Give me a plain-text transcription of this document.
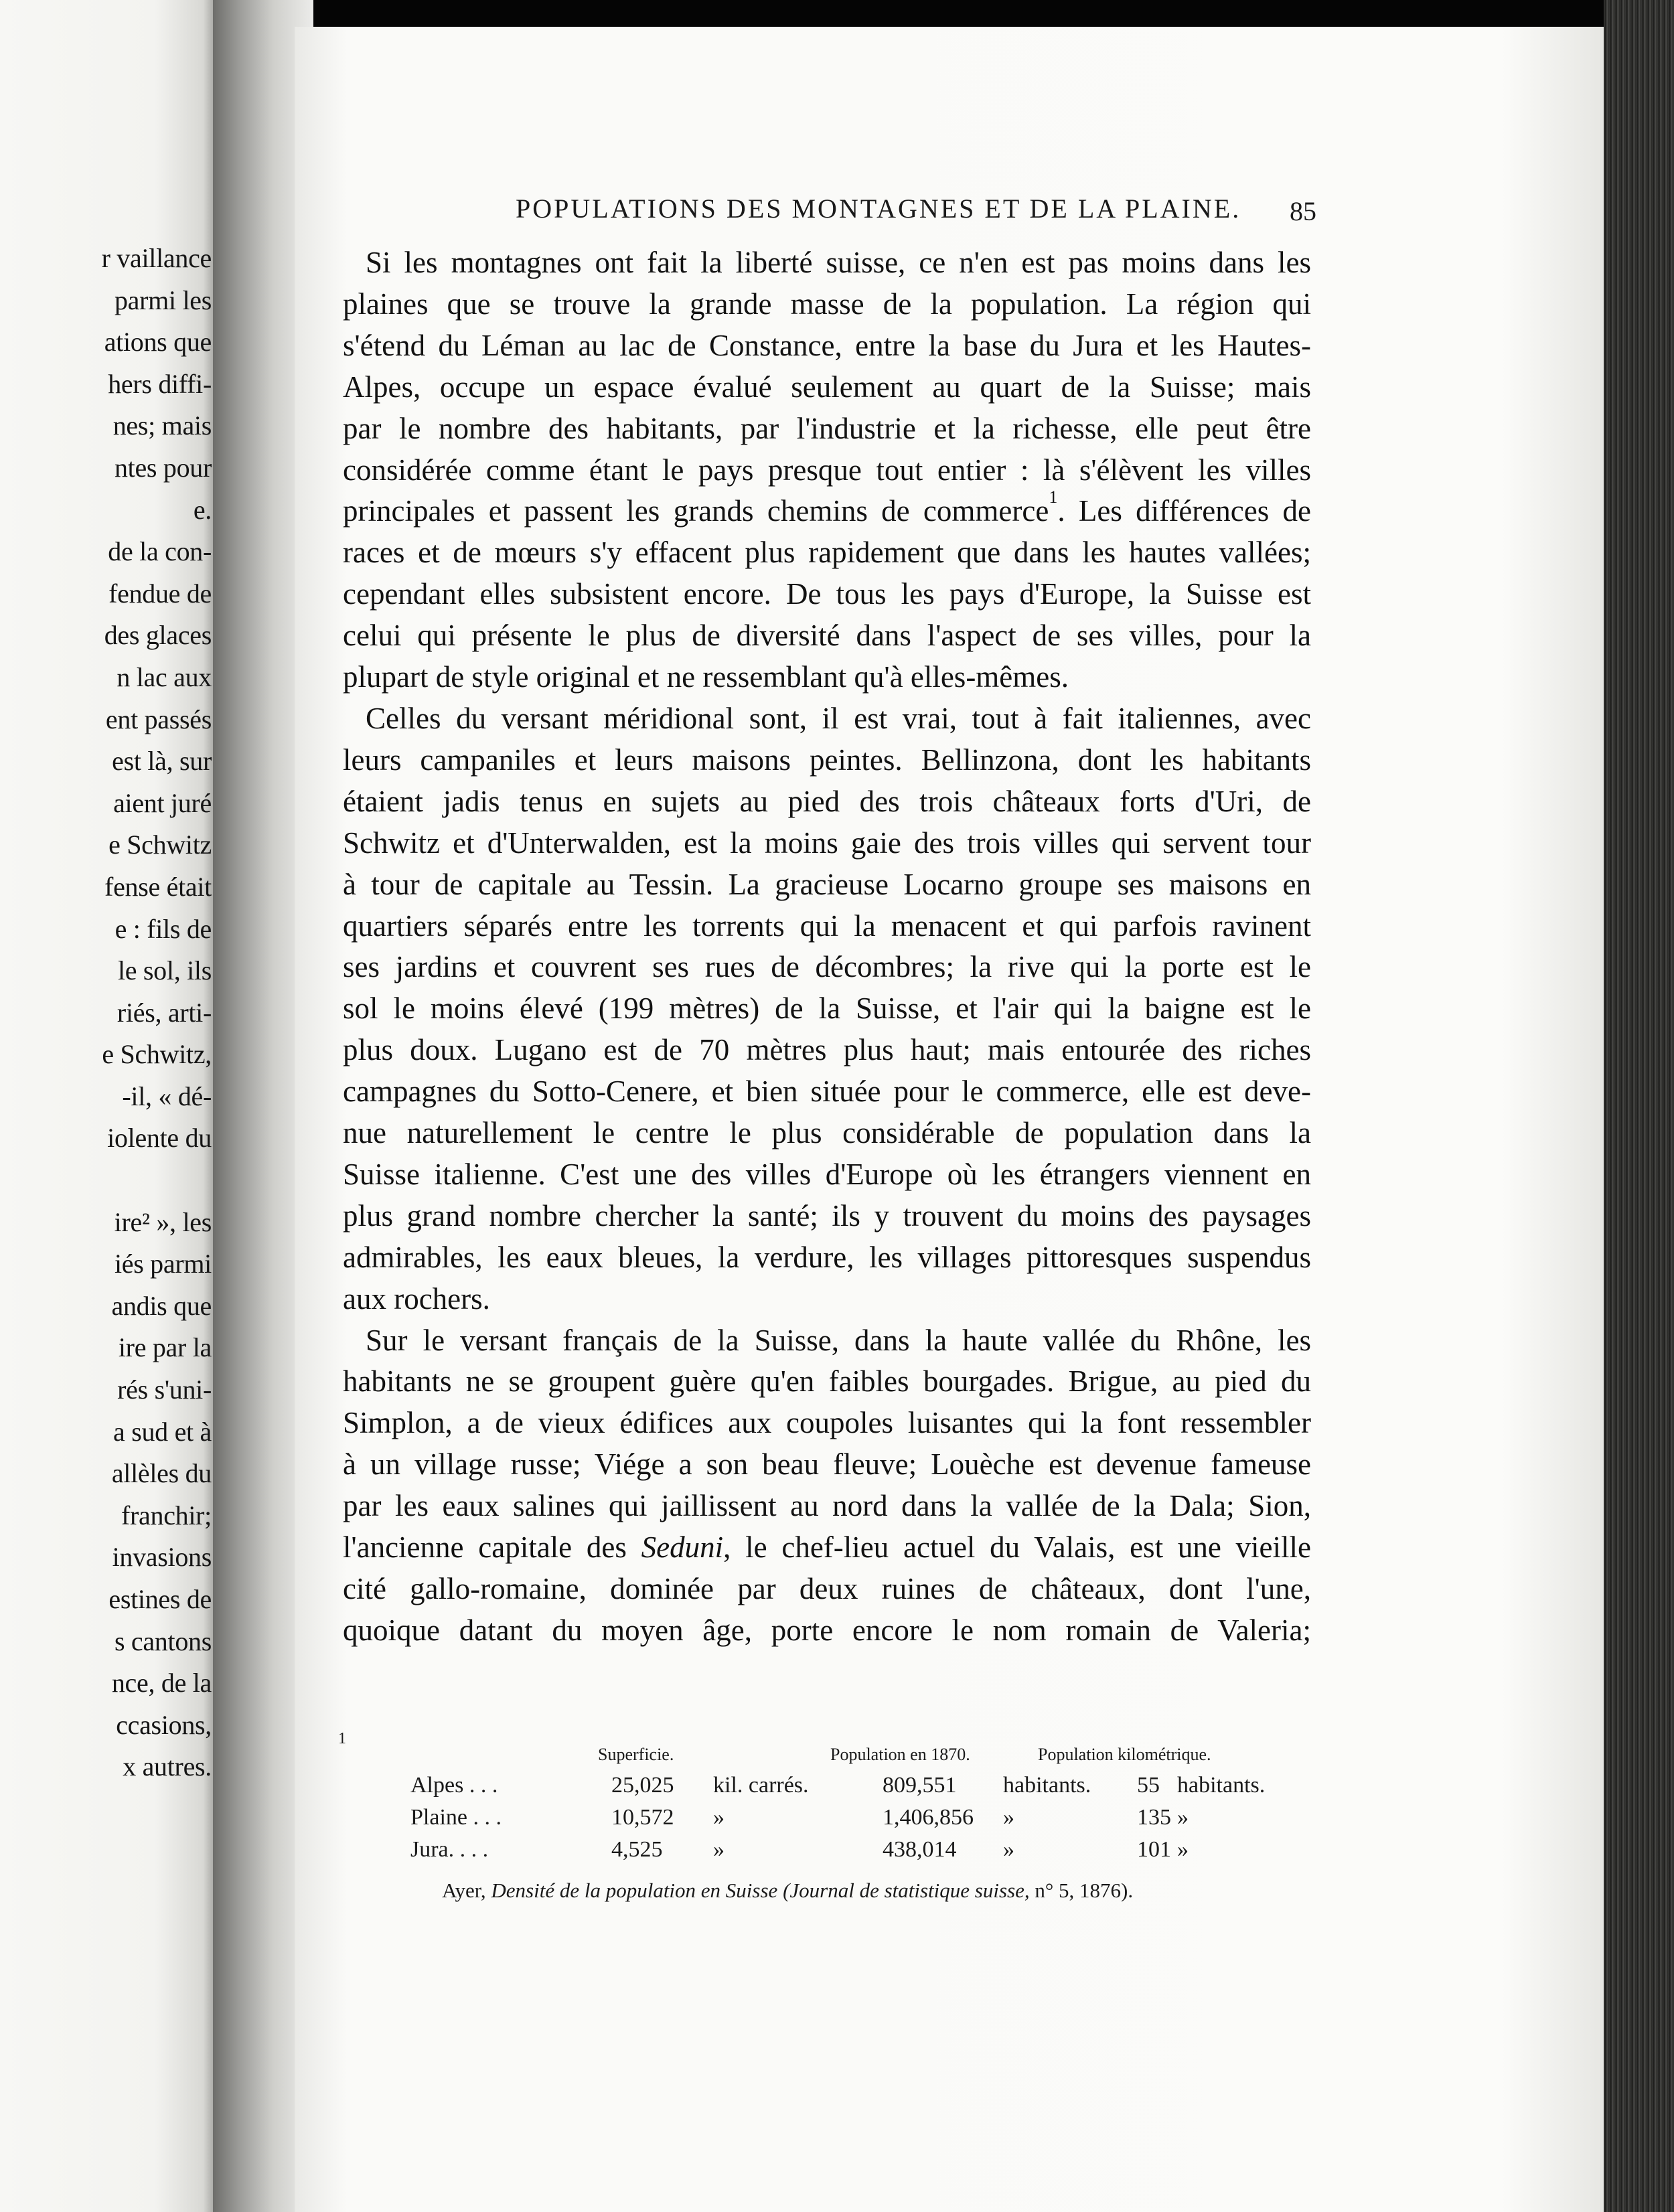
r vaillance
parmi les
ations que
hers diffi-
nes; mais
ntes pour
e.
de la con-
fendue de
des glaces
n lac aux
ent passés
est là, sur
aient juré
e Schwitz
fense était
e : fils de
le sol, ils
riés, arti-
e Schwitz,
-il, « dé-
iolente du

ire² », les
iés parmi
andis que
ire par la
rés s'uni-
a sud et à
allèles du
franchir;
invasions
estines de
s cantons
nce, de la
ccasions,
x autres.
POPULATIONS DES MONTAGNES ET DE LA PLAINE. 85
Si les montagnes ont fait la liberté suisse, ce n'en est pas moins dans les
plaines que se trouve la grande masse de la population. La région qui
s'étend du Léman au lac de Constance, entre la base du Jura et les Hautes-
Alpes, occupe un espace évalué seulement au quart de la Suisse; mais
par le nombre des habitants, par l'industrie et la richesse, elle peut être
considérée comme étant le pays presque tout entier : là s'élèvent les villes
principales et passent les grands chemins de commerce$^1$. Les différences de
races et de mœurs s'y effacent plus rapidement que dans les hautes vallées;
cependant elles subsistent encore. De tous les pays d'Europe, la Suisse est
celui qui présente le plus de diversité dans l'aspect de ses villes, pour la
plupart de style original et ne ressemblant qu'à elles-mêmes.
Celles du versant méridional sont, il est vrai, tout à fait italiennes, avec
leurs campaniles et leurs maisons peintes. Bellinzona, dont les habitants
étaient jadis tenus en sujets au pied des trois châteaux forts d'Uri, de
Schwitz et d'Unterwalden, est la moins gaie des trois villes qui servent tour
à tour de capitale au Tessin. La gracieuse Locarno groupe ses maisons en
quartiers séparés entre les torrents qui la menacent et qui parfois ravinent
ses jardins et couvrent ses rues de décombres; la rive qui la porte est le
sol le moins élevé (199 mètres) de la Suisse, et l'air qui la baigne est le
plus doux. Lugano est de 70 mètres plus haut; mais entourée des riches
campagnes du Sotto-Cenere, et bien située pour le commerce, elle est deve-
nue naturellement le centre le plus considérable de population dans la
Suisse italienne. C'est une des villes d'Europe où les étrangers viennent en
plus grand nombre chercher la santé; ils y trouvent du moins des paysages
admirables, les eaux bleues, la verdure, les villages pittoresques suspendus
aux rochers.
Sur le versant français de la Suisse, dans la haute vallée du Rhône, les
habitants ne se groupent guère qu'en faibles bourgades. Brigue, au pied du
Simplon, a de vieux édifices aux coupoles luisantes qui la font ressembler
à un village russe; Viége a son beau fleuve; Louèche est devenue fameuse
par les eaux salines qui jaillissent au nord dans la vallée de la Dala; Sion,
l'ancienne capitale des Seduni, le chef-lieu actuel du Valais, est une vieille
cité gallo-romaine, dominée par deux ruines de châteaux, dont l'une,
quoique datant du moyen âge, porte encore le nom romain de Valeria;
1
Superficie.	Population en 1870.	Population kilométrique.
Alpes . . .	25,025 kil. carrés.	809,551 habitants. 55 habitants.
Plaine . . .	10,572 »	1,406,856 »	135 »
Jura. . . .	4,525 »	438,014 »	101 »
Ayer, Densité de la population en Suisse (Journal de statistique suisse, n° 5, 1876).
